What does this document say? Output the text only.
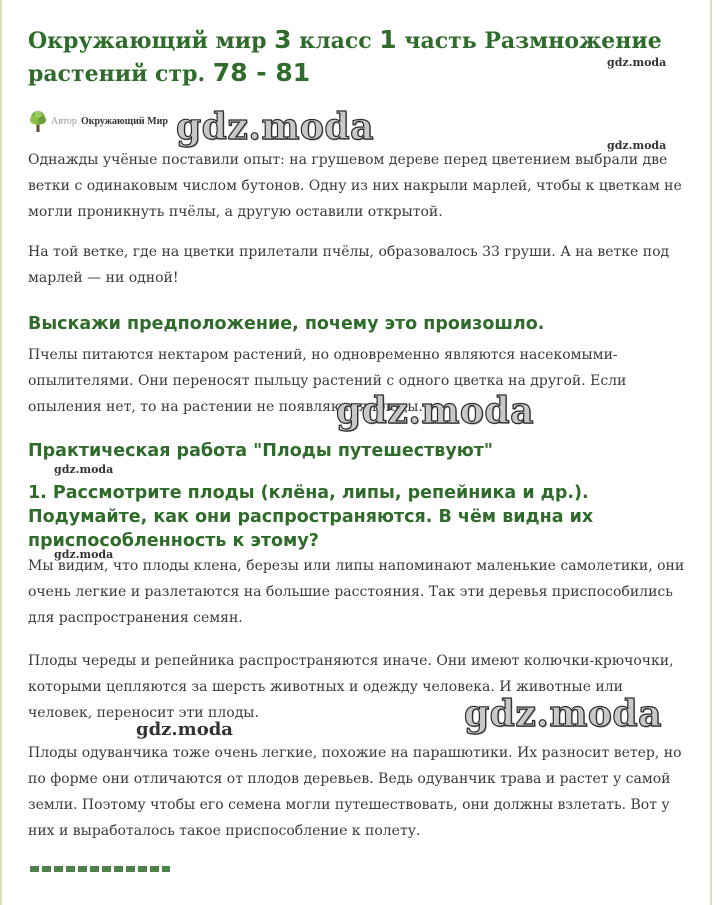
Окружающий мир 3 класс 1 часть Размножение растений стр. 78 - 81
Автор Окружающий Мир

Однажды учёные поставили опыт: на грушевом дереве перед цветением выбрали две ветки с одинаковым числом бутонов. Одну из них накрыли марлей, чтобы к цветкам не могли проникнуть пчёлы, а другую оставили открытой.

На той ветке, где на цветки прилетали пчёлы, образовалось 33 груши. А на ветке под марлей — ни одной!

Выскажи предположение, почему это произошло.

Пчелы питаются нектаром растений, но одновременно являются насекомыми-опылителями. Они переносят пыльцу растений с одного цветка на другой. Если опыления нет, то на растении не появляются плоды.

Практическая работа "Плоды путешествуют"
1. Рассмотрите плоды (клёна, липы, репейника и др.). Подумайте, как они распространяются. В чём видна их приспособленность к этому?

Мы видим, что плоды клена, березы или липы напоминают маленькие самолетики, они очень легкие и разлетаются на большие расстояния. Так эти деревья приспособились для распространения семян.

Плоды череды и репейника распространяются иначе. Они имеют колючки-крючочки, которыми цепляются за шерсть животных и одежду человека. И животные или человек, переносит эти плоды.

Плоды одуванчика тоже очень легкие, похожие на парашютики. Их разносит ветер, но по форме они отличаются от плодов деревьев. Ведь одуванчик трава и растет у самой земли. Поэтому чтобы его семена могли путешествовать, они должны взлетать. Вот у них и выработалось такое приспособление к полету.

gdz.moda
gdz.moda
gdz.moda
gdz.moda
gdz.moda
gdz.moda
gdz.moda
gdz.moda
